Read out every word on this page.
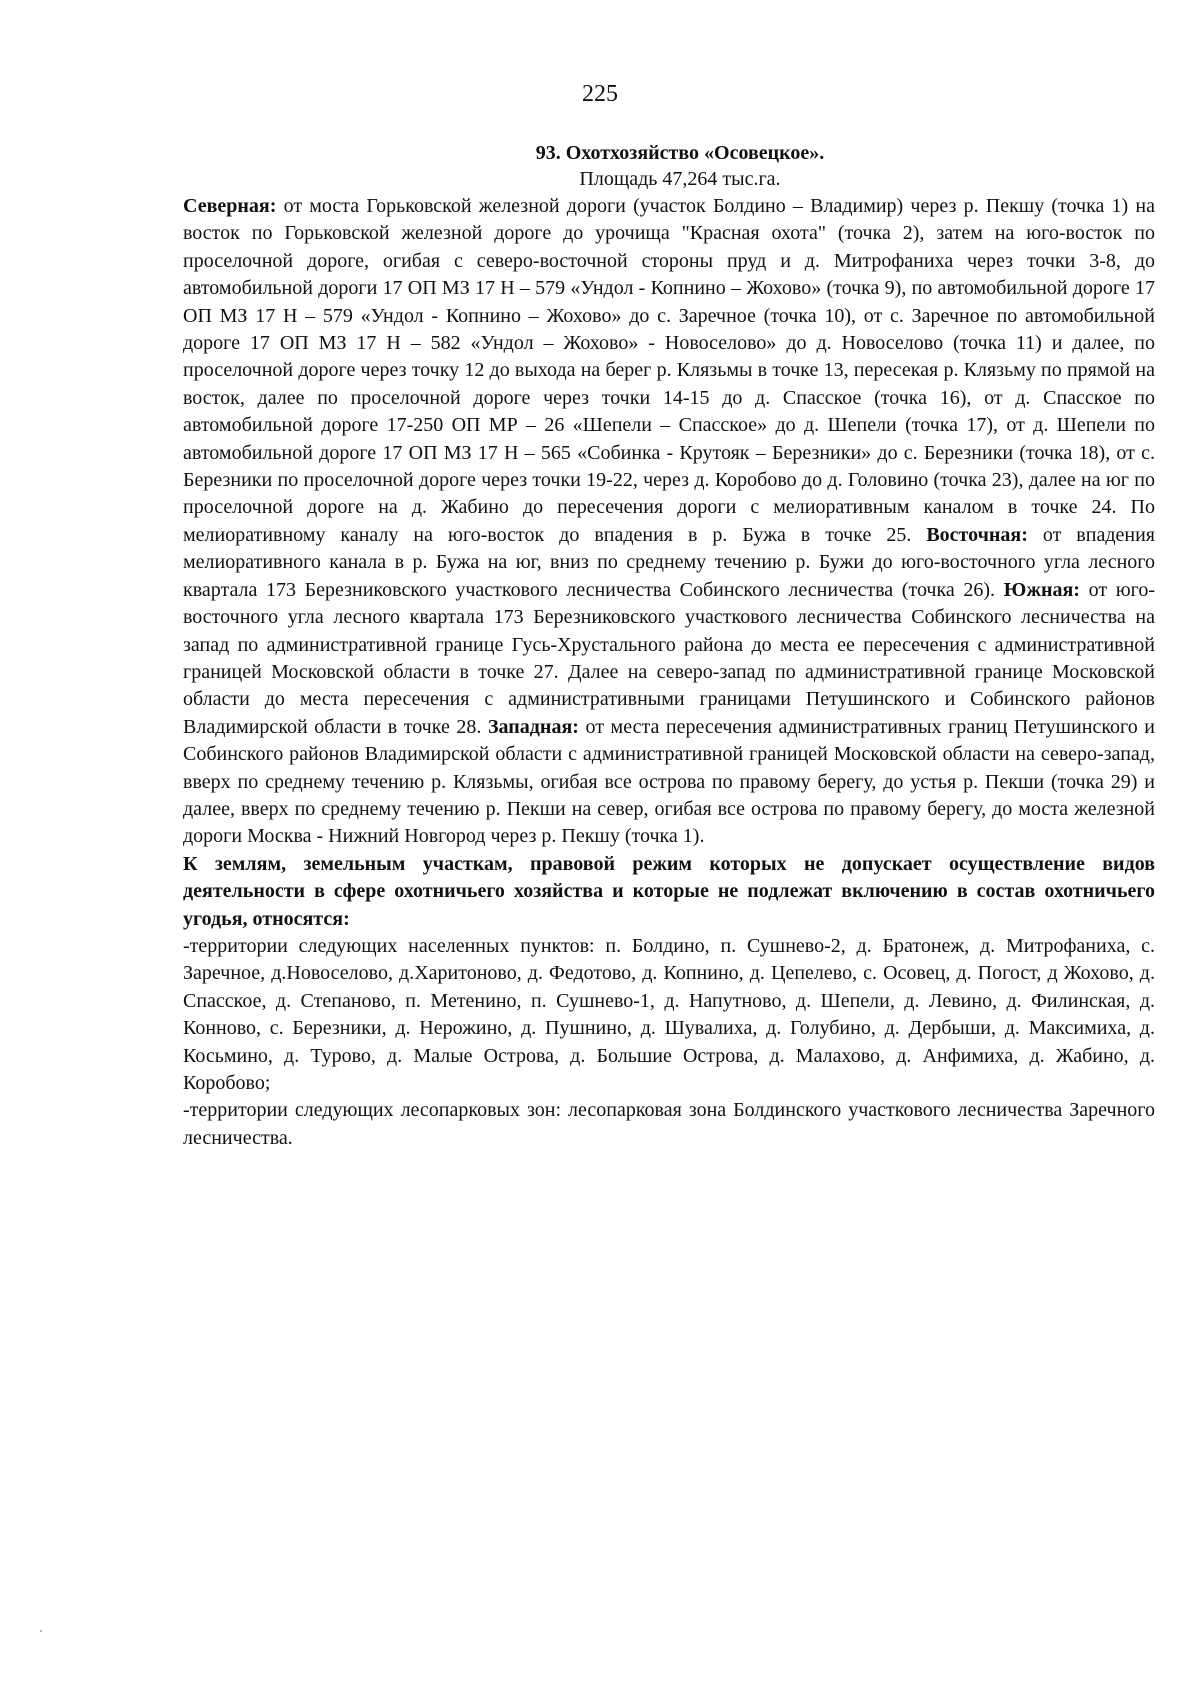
225
93. Охотхозяйство «Осовецкое».
Площадь 47,264 тыс.га.

Северная: от моста Горьковской железной дороги (участок Болдино – Владимир) через р. Пекшу (точка 1) на восток по Горьковской железной дороге до урочища "Красная охота" (точка 2), затем на юго-восток по проселочной дороге, огибая с северо-восточной стороны пруд и д. Митрофаниха через точки 3-8, до автомобильной дороги 17 ОП МЗ 17 Н – 579 «Ундол - Копнино – Жохово» (точка 9), по автомобильной дороге 17 ОП МЗ 17 Н – 579 «Ундол - Копнино – Жохово» до с. Заречное (точка 10), от с. Заречное по автомобильной дороге 17 ОП МЗ 17 Н – 582 «Ундол – Жохово» - Новоселово» до д. Новоселово (точка 11) и далее, по проселочной дороге через точку 12 до выхода на берег р. Клязьмы в точке 13, пересекая р. Клязьму по прямой на восток, далее по проселочной дороге через точки 14-15 до д. Спасское (точка 16), от д. Спасское по автомобильной дороге 17-250 ОП МР – 26 «Шепели – Спасское» до д. Шепели (точка 17), от д. Шепели по автомобильной дороге 17 ОП МЗ 17 Н – 565 «Собинка - Крутояк – Березники» до с. Березники (точка 18), от с. Березники по проселочной дороге через точки 19-22, через д. Коробово до д. Головино (точка 23), далее на юг по проселочной дороге на д. Жабино до пересечения дороги с мелиоративным каналом в точке 24. По мелиоративному каналу на юго-восток до впадения в р. Бужа в точке 25. Восточная: от впадения мелиоративного канала в р. Бужа на юг, вниз по среднему течению р. Бужи до юго-восточного угла лесного квартала 173 Березниковского участкового лесничества Собинского лесничества (точка 26). Южная: от юго-восточного угла лесного квартала 173 Березниковского участкового лесничества Собинского лесничества на запад по административной границе Гусь-Хрустального района до места ее пересечения с административной границей Московской области в точке 27. Далее на северо-запад по административной границе Московской области до места пересечения с административными границами Петушинского и Собинского районов Владимирской области в точке 28. Западная: от места пересечения административных границ Петушинского и Собинского районов Владимирской области с административной границей Московской области на северо-запад, вверх по среднему течению р. Клязьмы, огибая все острова по правому берегу, до устья р. Пекши (точка 29) и далее, вверх по среднему течению р. Пекши на север, огибая все острова по правому берегу, до моста железной дороги Москва - Нижний Новгород через р. Пекшу (точка 1).

К землям, земельным участкам, правовой режим которых не допускает осуществление видов деятельности в сфере охотничьего хозяйства и которые не подлежат включению в состав охотничьего угодья, относятся:

-территории следующих населенных пунктов: п. Болдино, п. Сушнево-2, д. Братонеж, д. Митрофаниха, с. Заречное, д.Новоселово, д.Харитоново, д. Федотово, д. Копнино, д. Цепелево, с. Осовец, д. Погост, д Жохово, д. Спасское, д. Степаново, п. Метенино, п. Сушнево-1, д. Напутново, д. Шепели, д. Левино, д. Филинская, д. Конново, с. Березники, д. Нерожино, д. Пушнино, д. Шувалиха, д. Голубино, д. Дербыши, д. Максимиха, д. Косьмино, д. Турово, д. Малые Острова, д. Большие Острова, д. Малахово, д. Анфимиха, д. Жабино, д. Коробово;

-территории следующих лесопарковых зон: лесопарковая зона Болдинского участкового лесничества Заречного лесничества.
